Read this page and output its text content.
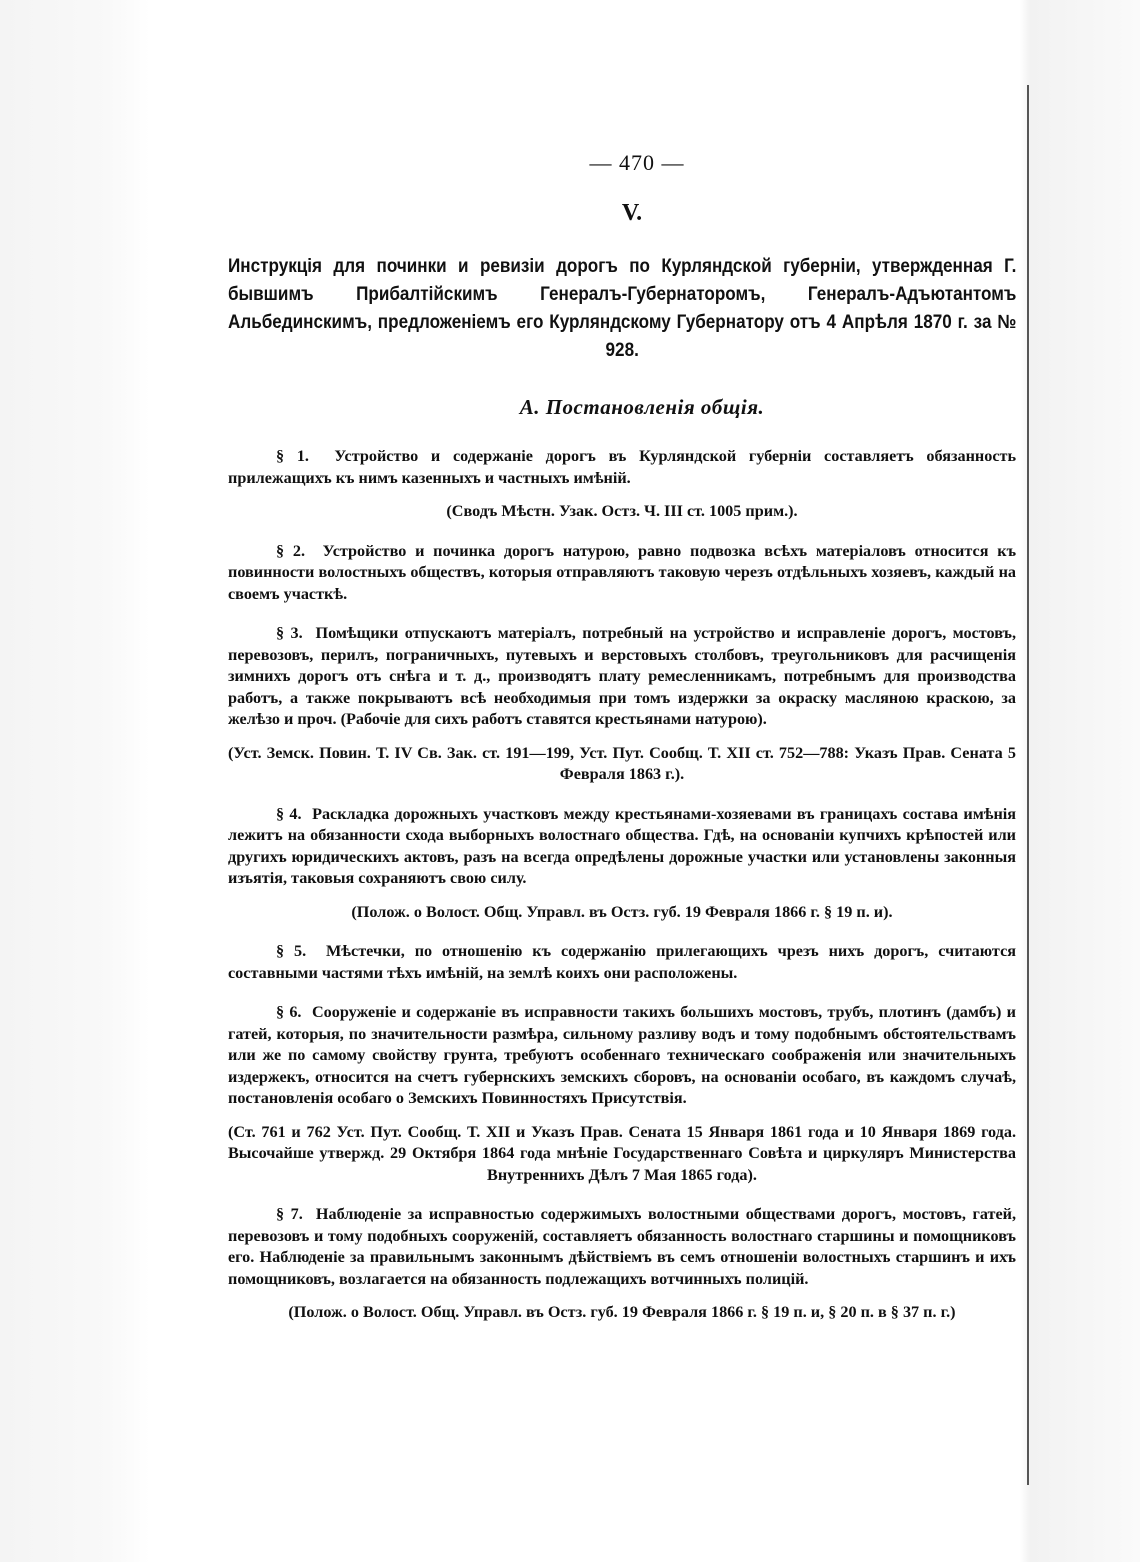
— 470 —
V.
Инструкція для починки и ревизіи дорогъ по Курляндской губерніи, утвержденная Г. бывшимъ Прибалтійскимъ Генералъ-Губернаторомъ, Генералъ-Адъютантомъ Альбединскимъ, предложеніемъ его Курляндскому Губернатору отъ 4 Апрѣля 1870 г. за № 928.
А. Постановленія общія.
§ 1. Устройство и содержаніе дорогъ въ Курляндской губерніи составляетъ обязанность прилежащихъ къ нимъ казенныхъ и частныхъ имѣній.
(Сводъ Мѣстн. Узак. Остз. Ч. III ст. 1005 прим.).
§ 2. Устройство и починка дорогъ натурою, равно подвозка всѣхъ матеріаловъ относится къ повинности волостныхъ обществъ, которыя отправляютъ таковую черезъ отдѣльныхъ хозяевъ, каждый на своемъ участкѣ.
§ 3. Помѣщики отпускаютъ матеріалъ, потребный на устройство и исправленіе дорогъ, мостовъ, перевозовъ, перилъ, пограничныхъ, путевыхъ и верстовыхъ столбовъ, треугольниковъ для расчищенія зимнихъ дорогъ отъ снѣга и т. д., производятъ плату ремесленникамъ, потребнымъ для производства работъ, а также покрываютъ всѣ необходимыя при томъ издержки за окраску масляною краскою, за желѣзо и проч. (Рабочіе для сихъ работъ ставятся крестьянами натурою).
(Уст. Земск. Повин. Т. IV Св. Зак. ст. 191—199, Уст. Пут. Сообщ. Т. XII ст. 752—788: Указъ Прав. Сената 5 Февраля 1863 г.).
§ 4. Раскладка дорожныхъ участковъ между крестьянами-хозяевами въ границахъ состава имѣнія лежитъ на обязанности схода выборныхъ волостнаго общества. Гдѣ, на основаніи купчихъ крѣпостей или другихъ юридическихъ актовъ, разъ на всегда опредѣлены дорожные участки или установлены законныя изъятія, таковыя сохраняютъ свою силу.
(Полож. о Волост. Общ. Управл. въ Остз. губ. 19 Февраля 1866 г. § 19 п. и).
§ 5. Мѣстечки, по отношенію къ содержанію прилегающихъ чрезъ нихъ дорогъ, считаются составными частями тѣхъ имѣній, на землѣ коихъ они расположены.
§ 6. Сооруженіе и содержаніе въ исправности такихъ большихъ мостовъ, трубъ, плотинъ (дамбъ) и гатей, которыя, по значительности размѣра, сильному разливу водъ и тому подобнымъ обстоятельствамъ или же по самому свойству грунта, требуютъ особеннаго техническаго соображенія или значительныхъ издержекъ, относится на счетъ губернскихъ земскихъ сборовъ, на основаніи особаго, въ каждомъ случаѣ, постановленія особаго о Земскихъ Повинностяхъ Присутствія.
(Ст. 761 и 762 Уст. Пут. Сообщ. Т. XII и Указъ Прав. Сената 15 Января 1861 года и 10 Января 1869 года. Высочайше утвержд. 29 Октября 1864 года мнѣніе Государственнаго Совѣта и циркуляръ Министерства Внутреннихъ Дѣлъ 7 Мая 1865 года).
§ 7. Наблюденіе за исправностью содержимыхъ волостными обществами дорогъ, мостовъ, гатей, перевозовъ и тому подобныхъ сооруженій, составляетъ обязанность волостнаго старшины и помощниковъ его. Наблюденіе за правильнымъ законнымъ дѣйствіемъ въ семъ отношеніи волостныхъ старшинъ и ихъ помощниковъ, возлагается на обязанность подлежащихъ вотчинныхъ полицій.
(Полож. о Волост. Общ. Управл. въ Остз. губ. 19 Февраля 1866 г. § 19 п. и, § 20 п. в § 37 п. г.)
